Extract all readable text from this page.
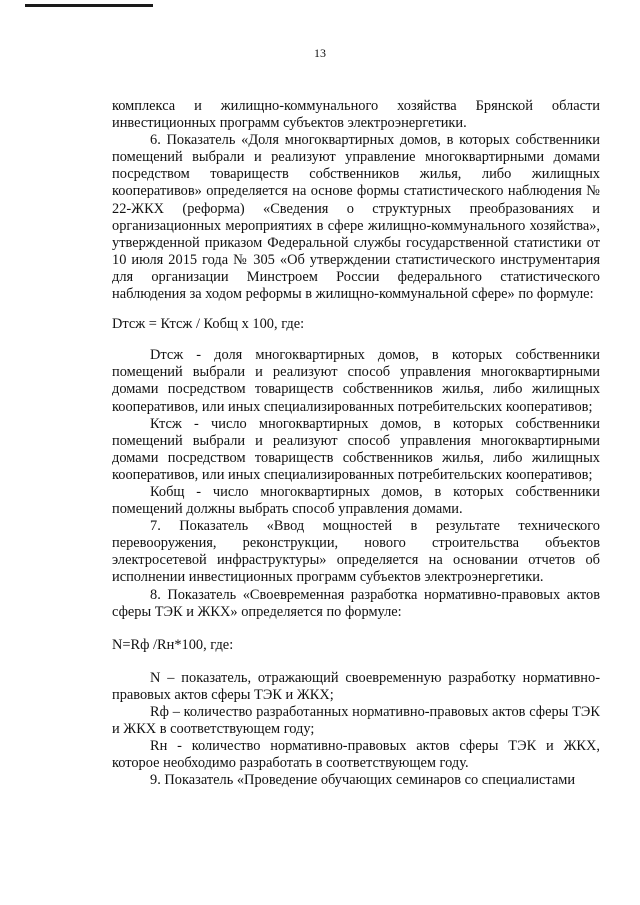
13

комплекса и жилищно-коммунального хозяйства Брянской области инвестиционных программ субъектов электроэнергетики.

6. Показатель «Доля многоквартирных домов, в которых собственники помещений выбрали и реализуют управление многоквартирными домами посредством товариществ собственников жилья, либо жилищных кооперативов» определяется на основе формы статистического наблюдения № 22-ЖКХ (реформа) «Сведения о структурных преобразованиях и организационных мероприятиях в сфере жилищно-коммунального хозяйства», утвержденной приказом Федеральной службы государственной статистики от 10 июля 2015 года № 305 «Об утверждении статистического инструментария для организации Минстроем России федерального статистического наблюдения за ходом реформы в жилищно-коммунальной сфере» по формуле:

Dтсж = Ктсж / Кобщ х 100, где:

Dтсж - доля многоквартирных домов, в которых собственники помещений выбрали и реализуют способ управления многоквартирными домами посредством товариществ собственников жилья, либо жилищных кооперативов, или иных специализированных потребительских кооперативов;

Ктсж - число многоквартирных домов, в которых собственники помещений выбрали и реализуют способ управления многоквартирными домами посредством товариществ собственников жилья, либо жилищных кооперативов, или иных специализированных потребительских кооперативов;

Кобщ - число многоквартирных домов, в которых собственники помещений должны выбрать способ управления домами.

7. Показатель «Ввод мощностей в результате технического перевооружения, реконструкции, нового строительства объектов электросетевой инфраструктуры» определяется на основании отчетов об исполнении инвестиционных программ субъектов электроэнергетики.

8. Показатель «Своевременная разработка нормативно-правовых актов сферы ТЭК и ЖКХ» определяется по формуле:

N=Rф /Rн*100, где:

N – показатель, отражающий своевременную разработку нормативно-правовых актов сферы ТЭК и ЖКХ;

Rф – количество разработанных нормативно-правовых актов сферы ТЭК и ЖКХ в соответствующем году;

Rн - количество нормативно-правовых актов сферы ТЭК и ЖКХ, которое необходимо разработать в соответствующем году.

9. Показатель «Проведение обучающих семинаров со специалистами
